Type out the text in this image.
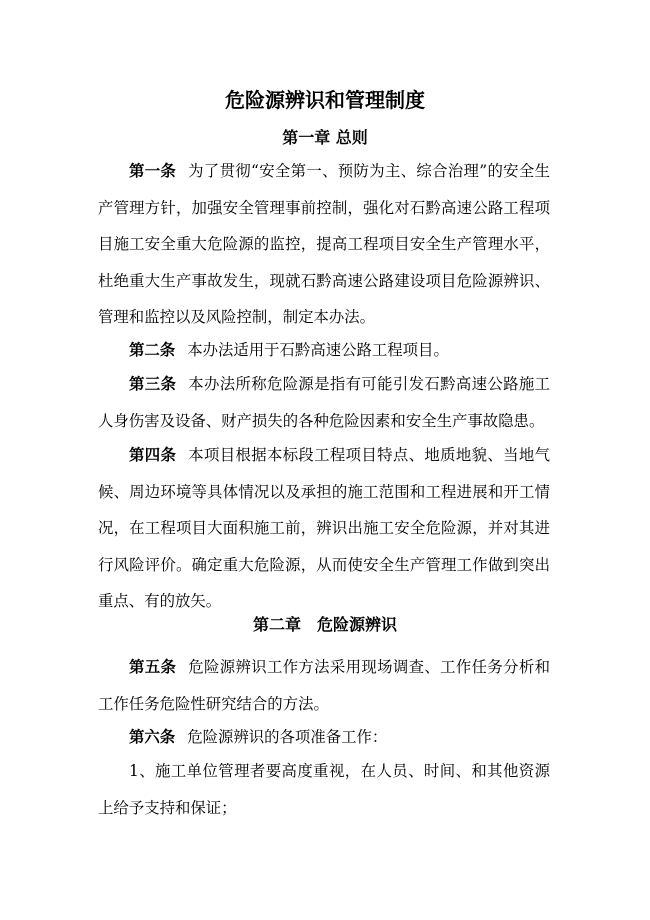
危险源辨识和管理制度
第一章 总则

第一条 为了贯彻“安全第一、预防为主、综合治理”的安全生产管理方针，加强安全管理事前控制，强化对石黔高速公路工程项目施工安全重大危险源的监控，提高工程项目安全生产管理水平，杜绝重大生产事故发生，现就石黔高速公路建设项目危险源辨识、管理和监控以及风险控制，制定本办法。

第二条 本办法适用于石黔高速公路工程项目。

第三条 本办法所称危险源是指有可能引发石黔高速公路施工人身伤害及设备、财产损失的各种危险因素和安全生产事故隐患。

第四条 本项目根据本标段工程项目特点、地质地貌、当地气候、周边环境等具体情况以及承担的施工范围和工程进展和开工情况，在工程项目大面积施工前，辨识出施工安全危险源，并对其进行风险评价。确定重大危险源，从而使安全生产管理工作做到突出重点、有的放矢。

第二章　危险源辨识

第五条 危险源辨识工作方法采用现场调查、工作任务分析和工作任务危险性研究结合的方法。

第六条 危险源辨识的各项准备工作：

1、施工单位管理者要高度重视，在人员、时间、和其他资源上给予支持和保证；
